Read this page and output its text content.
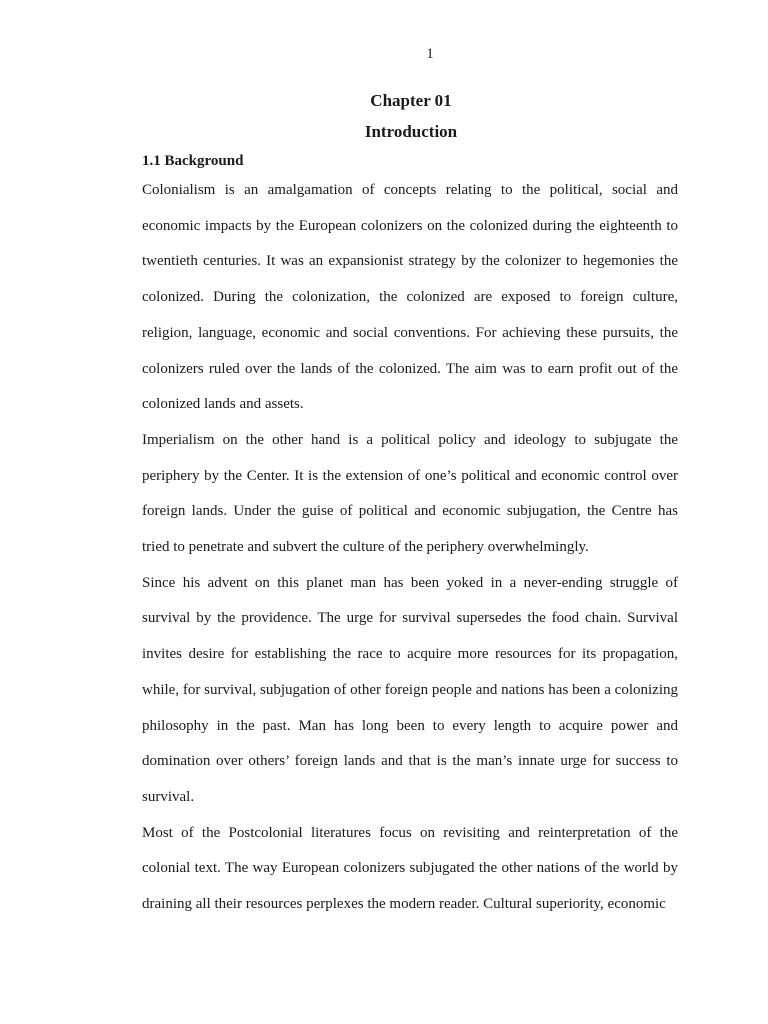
1
Chapter 01
Introduction
1.1 Background

Colonialism is an amalgamation of concepts relating to the political, social and economic impacts by the European colonizers on the colonized during the eighteenth to twentieth centuries. It was an expansionist strategy by the colonizer to hegemonies the colonized. During the colonization, the colonized are exposed to foreign culture, religion, language, economic and social conventions. For achieving these pursuits, the colonizers ruled over the lands of the colonized. The aim was to earn profit out of the colonized lands and assets.

Imperialism on the other hand is a political policy and ideology to subjugate the periphery by the Center. It is the extension of one’s political and economic control over foreign lands. Under the guise of political and economic subjugation, the Centre has tried to penetrate and subvert the culture of the periphery overwhelmingly.

Since his advent on this planet man has been yoked in a never-ending struggle of survival by the providence. The urge for survival supersedes the food chain. Survival invites desire for establishing the race to acquire more resources for its propagation, while, for survival, subjugation of other foreign people and nations has been a colonizing philosophy in the past. Man has long been to every length to acquire power and domination over others’ foreign lands and that is the man’s innate urge for success to survival.

Most of the Postcolonial literatures focus on revisiting and reinterpretation of the colonial text. The way European colonizers subjugated the other nations of the world by draining all their resources perplexes the modern reader. Cultural superiority, economic
